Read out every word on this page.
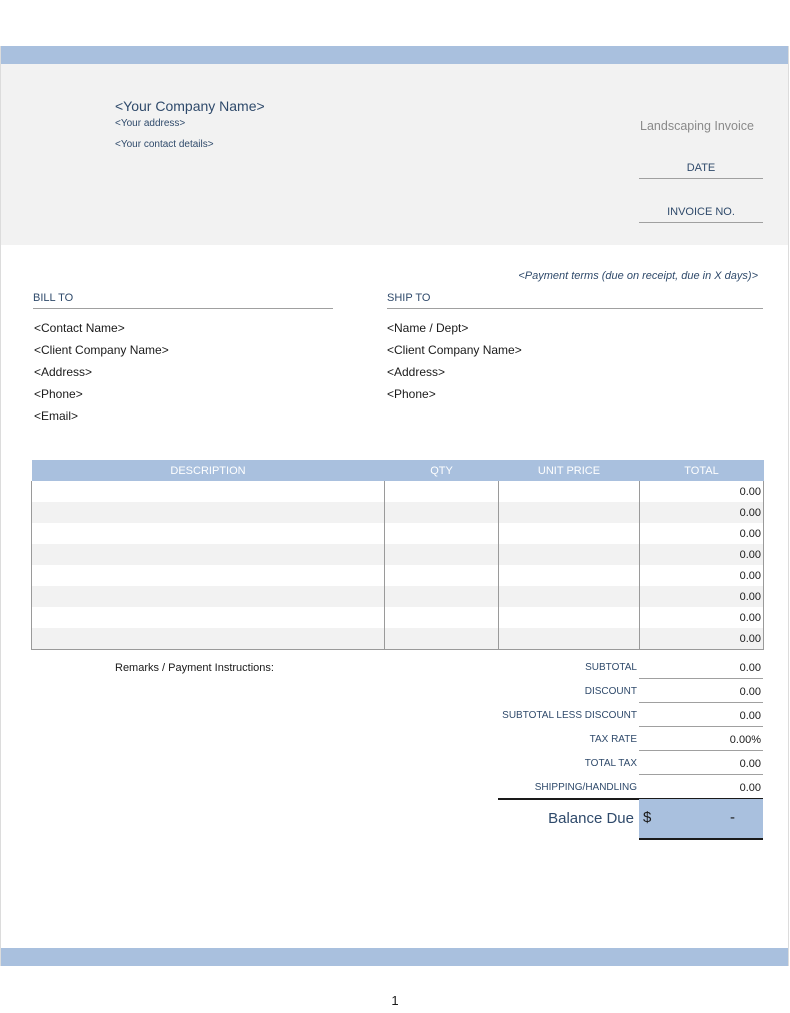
<Your Company Name>
<Your address>
<Your contact details>
Landscaping Invoice
DATE
INVOICE NO.
<Payment terms (due on receipt, due in X days)>
BILL TO	SHIP TO
<Contact Name>
<Client Company Name>
<Address>
<Phone>
<Email>
<Name / Dept>
<Client Company Name>
<Address>
<Phone>
DESCRIPTION	QTY	UNIT PRICE	TOTAL
			0.00
			0.00
			0.00
			0.00
			0.00
			0.00
			0.00
			0.00
Remarks / Payment Instructions:	SUBTOTAL	0.00
DISCOUNT	0.00
SUBTOTAL LESS DISCOUNT	0.00
TAX RATE	0.00%
TOTAL TAX	0.00
SHIPPING/HANDLING	0.00
Balance Due $	-
1
